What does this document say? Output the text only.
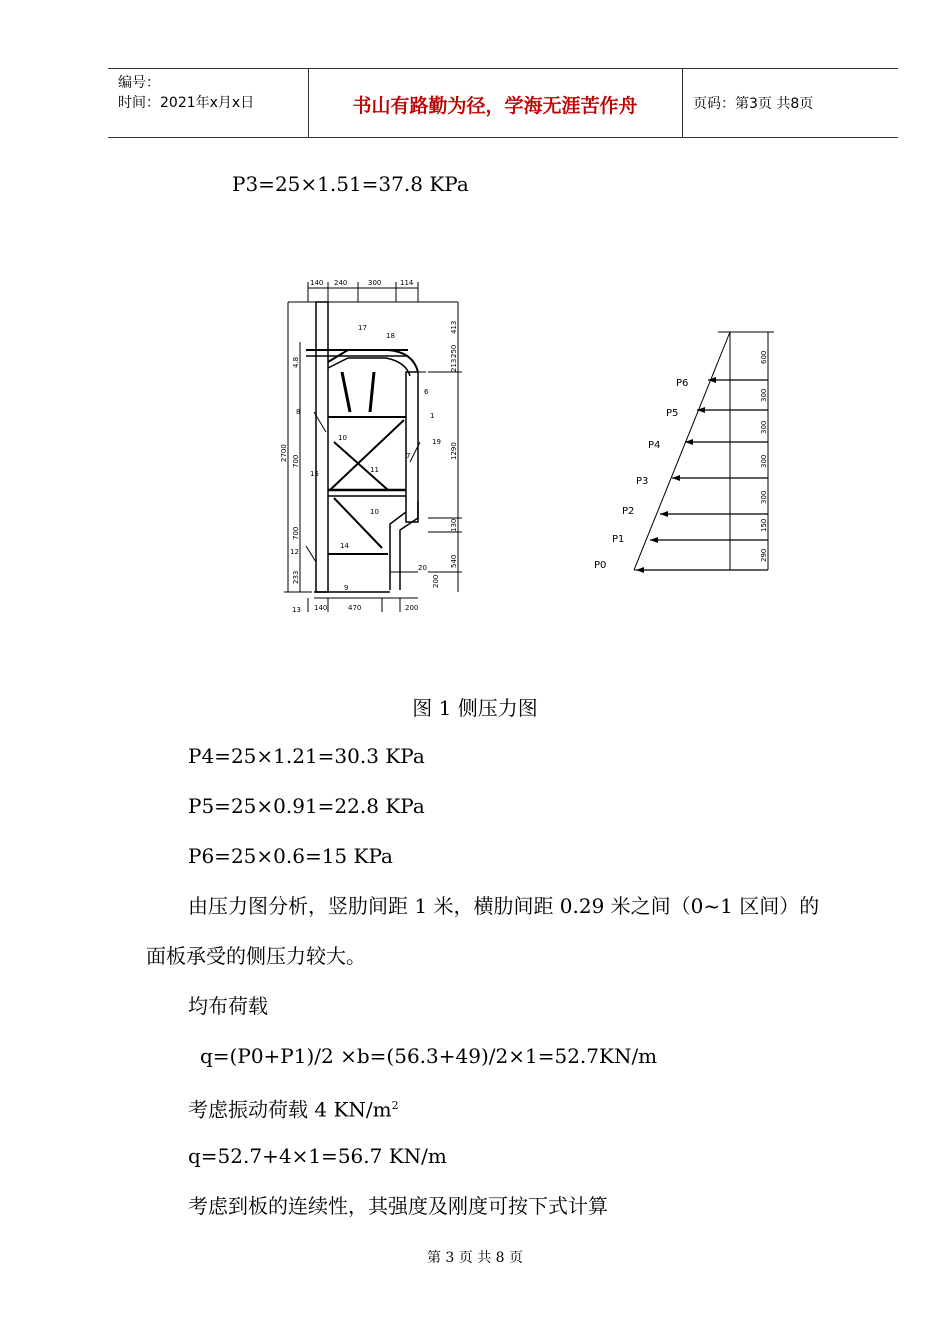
编号：
时间：2021年x月x日	书山有路勤为径，学海无涯苦作舟	页码：第3页 共8页
P3=25×1.51=37.8 KPa
140 240	300	114
140	470	200
2700 700
700
233
413
250
213
1290
130
540
200
17
18
6
1
19
8
10
7
11
15
10
14
12
9
13
20
4.8
P6
P5
P4
P3
P2
P1
P0
600
300
300
300
300
150
290
图 1 侧压力图
P4=25×1.21=30.3 KPa
P5=25×0.91=22.8 KPa
P6=25×0.6=15 KPa
由压力图分析，竖肋间距 1 米，横肋间距 0.29 米之间（0~1 区间）的
面板承受的侧压力较大。
均布荷载
q=(P0+P1)/2 ×b=(56.3+49)/2×1=52.7KN/m
考虑振动荷载 4 $KN/m^2$
q=52.7+4×1=56.7 KN/m
考虑到板的连续性，其强度及刚度可按下式计算
第 3 页 共 8 页
